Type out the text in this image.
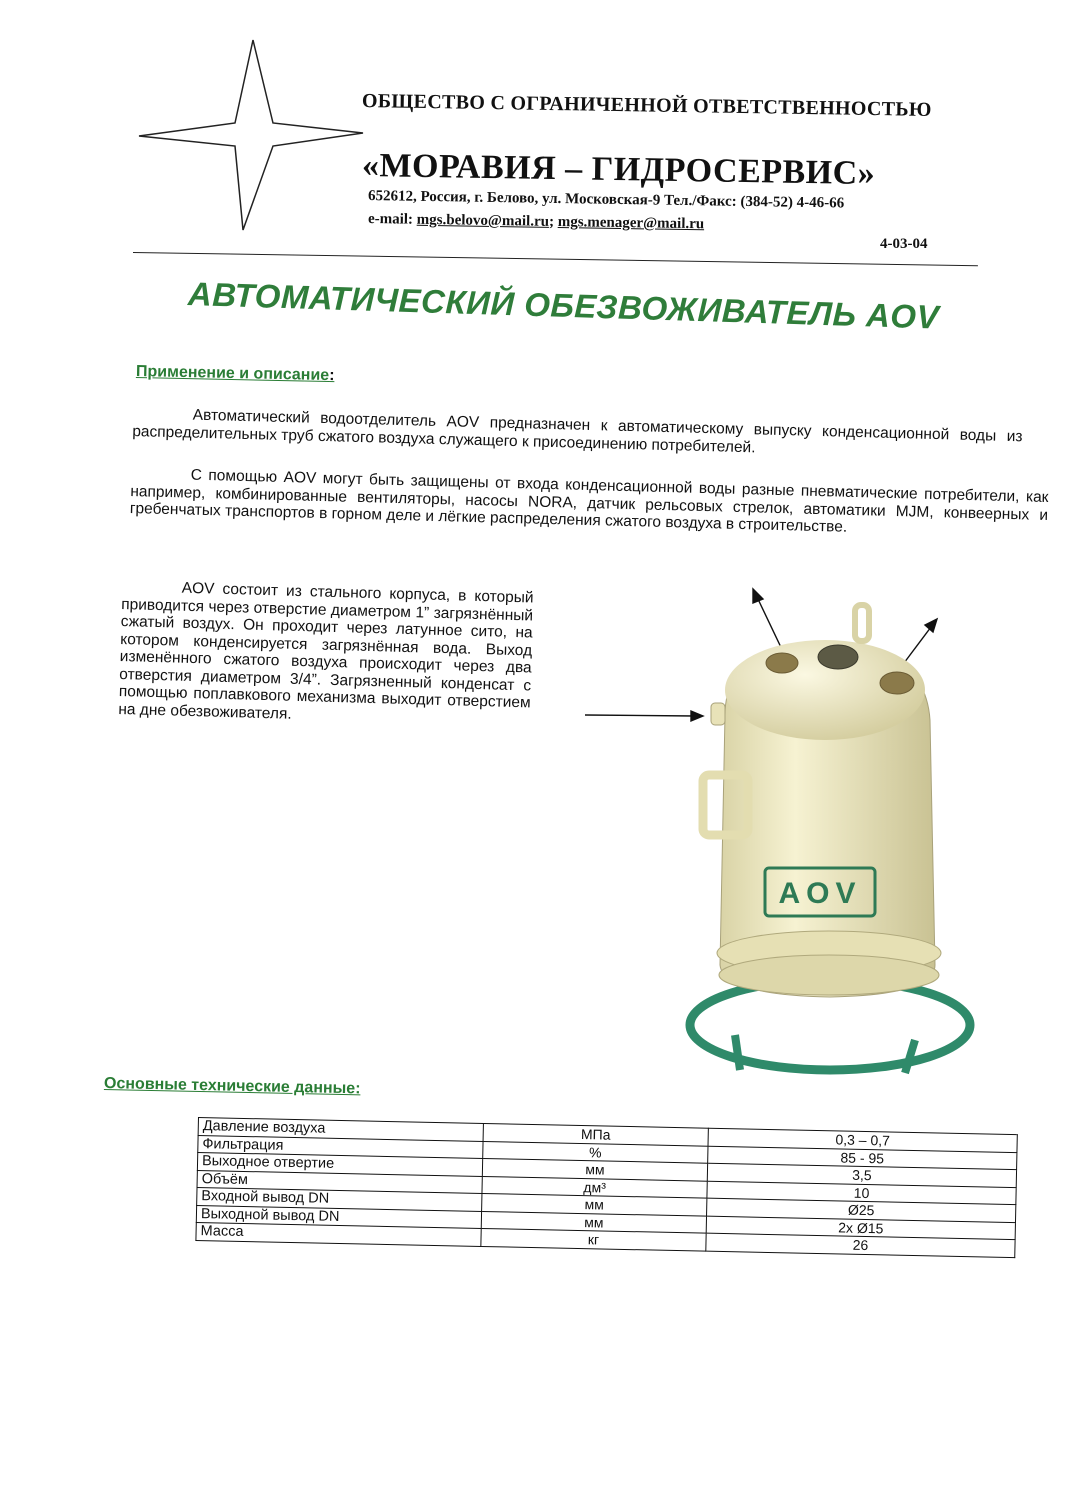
ОБЩЕСТВО С ОГРАНИЧЕННОЙ ОТВЕТСТВЕННОСТЬЮ
«МОРАВИЯ – ГИДРОСЕРВИС»
652612, Россия, г. Белово, ул. Московская-9 Тел./Факс: (384-52) 4-46-66
e-mail: mgs.belovo@mail.ru; mgs.menager@mail.ru
4-03-04
АВТОМАТИЧЕСКИЙ ОБЕЗВОЖИВАТЕЛЬ AOV
Применение и описание:
Автоматический водоотделитель AOV предназначен к автоматическому выпуску конденсационной воды из распределительных труб сжатого воздуха служащего к присоединению потребителей.
С помощью AOV могут быть защищены от входа конденсационной воды разные пневматические потребители, как например, комбинированные вентиляторы, насосы NORA, датчик рельсовых стрелок, автоматики MJM, конвеерных и гребенчатых транспортов в горном деле и лёгкие распределения сжатого воздуха в строительстве.
AOV состоит из стального корпуса, в который приводится через отверстие диаметром 1” загрязнённый сжатый воздух. Он проходит через латунное сито, на котором конденсируется загрязнённая вода. Выход изменённого сжатого воздуха происходит через два отверстия диаметром 3/4”. Загрязненный конденсат с помощью поплавкового механизма выходит отверстием на дне обезвоживателя.
AOV
Основные технические данные:
Давление воздуха	МПа	0,3 – 0,7
Фильтрация	%	85 - 95
Выходное отвертие	мм	3,5
Объём	дм³	10
Входной вывод DN	мм	Ø25
Выходной вывод DN	мм	2x Ø15
Масса	кг	26
